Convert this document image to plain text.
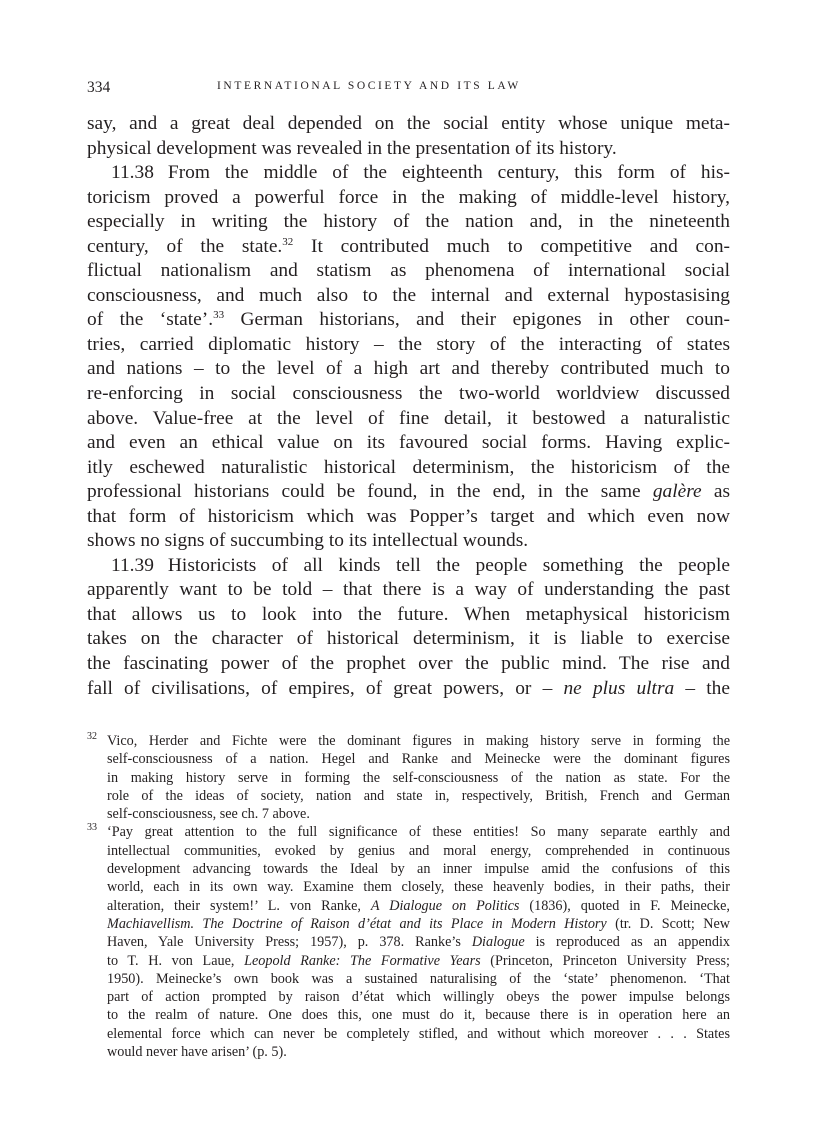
334	INTERNATIONAL SOCIETY AND ITS LAW

say, and a great deal depended on the social entity whose unique meta-
physical development was revealed in the presentation of its history.

11.38 From the middle of the eighteenth century, this form of his-
toricism proved a powerful force in the making of middle-level history,
especially in writing the history of the nation and, in the nineteenth
century, of the state.$^{32}$ It contributed much to competitive and con-
flictual nationalism and statism as phenomena of international social
consciousness, and much also to the internal and external hypostasising
of the ‘state’.$^{33}$ German historians, and their epigones in other coun-
tries, carried diplomatic history – the story of the interacting of states
and nations – to the level of a high art and thereby contributed much to
re-enforcing in social consciousness the two-world worldview discussed
above. Value-free at the level of fine detail, it bestowed a naturalistic
and even an ethical value on its favoured social forms. Having explic-
itly eschewed naturalistic historical determinism, the historicism of the
professional historians could be found, in the end, in the same galère as
that form of historicism which was Popper’s target and which even now
shows no signs of succumbing to its intellectual wounds.

11.39 Historicists of all kinds tell the people something the people
apparently want to be told – that there is a way of understanding the past
that allows us to look into the future. When metaphysical historicism
takes on the character of historical determinism, it is liable to exercise
the fascinating power of the prophet over the public mind. The rise and
fall of civilisations, of empires, of great powers, or – ne plus ultra – the

32 Vico, Herder and Fichte were the dominant figures in making history serve in forming the
self-consciousness of a nation. Hegel and Ranke and Meinecke were the dominant figures
in making history serve in forming the self-consciousness of the nation as state. For the
role of the ideas of society, nation and state in, respectively, British, French and German
self-consciousness, see ch. 7 above.
33 ‘Pay great attention to the full significance of these entities! So many separate earthly and
intellectual communities, evoked by genius and moral energy, comprehended in continuous
development advancing towards the Ideal by an inner impulse amid the confusions of this
world, each in its own way. Examine them closely, these heavenly bodies, in their paths, their
alteration, their system!’ L. von Ranke, A Dialogue on Politics (1836), quoted in F. Meinecke,
Machiavellism. The Doctrine of Raison d’état and its Place in Modern History (tr. D. Scott; New
Haven, Yale University Press; 1957), p. 378. Ranke’s Dialogue is reproduced as an appendix
to T. H. von Laue, Leopold Ranke: The Formative Years (Princeton, Princeton University Press;
1950). Meinecke’s own book was a sustained naturalising of the ‘state’ phenomenon. ‘That
part of action prompted by raison d’état which willingly obeys the power impulse belongs
to the realm of nature. One does this, one must do it, because there is in operation here an
elemental force which can never be completely stifled, and without which moreover . . . States
would never have arisen’ (p. 5).
